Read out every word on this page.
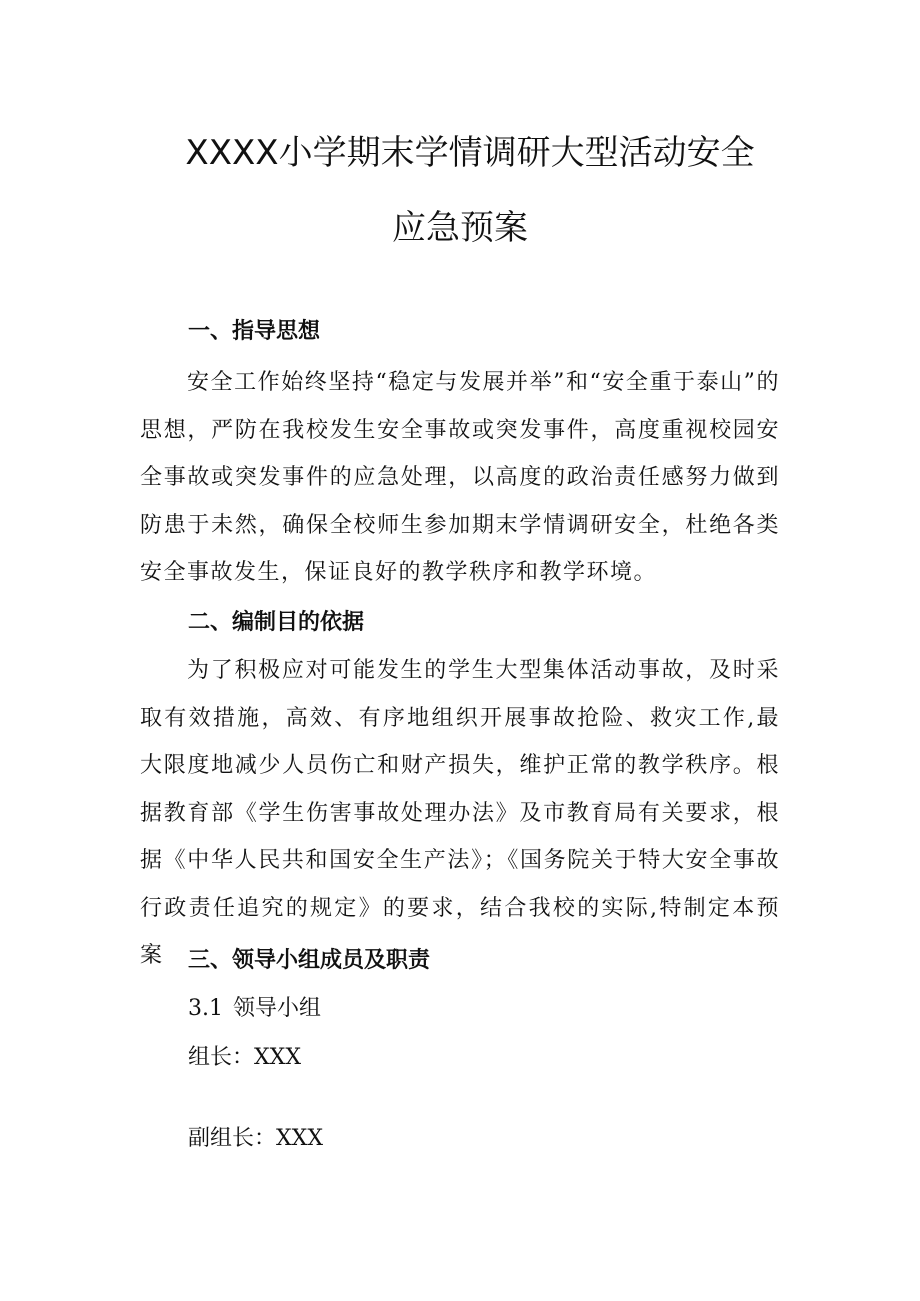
XXXX小学期末学情调研大型活动安全
应急预案
一、指导思想
安全工作始终坚持“稳定与发展并举”和“安全重于泰山”的思想，严防在我校发生安全事故或突发事件，高度重视校园安全事故或突发事件的应急处理，以高度的政治责任感努力做到防患于未然，确保全校师生参加期末学情调研安全，杜绝各类安全事故发生，保证良好的教学秩序和教学环境。
二、编制目的依据
为了积极应对可能发生的学生大型集体活动事故，及时采取有效措施，高效、有序地组织开展事故抢险、救灾工作,最大限度地减少人员伤亡和财产损失，维护正常的教学秩序。根据教育部《学生伤害事故处理办法》及市教育局有关要求，根据《中华人民共和国安全生产法》；《国务院关于特大安全事故行政责任追究的规定》的要求，结合我校的实际,特制定本预案	三、领导小组成员及职责
3.1 领导小组
组长：XXX
副组长：XXX
